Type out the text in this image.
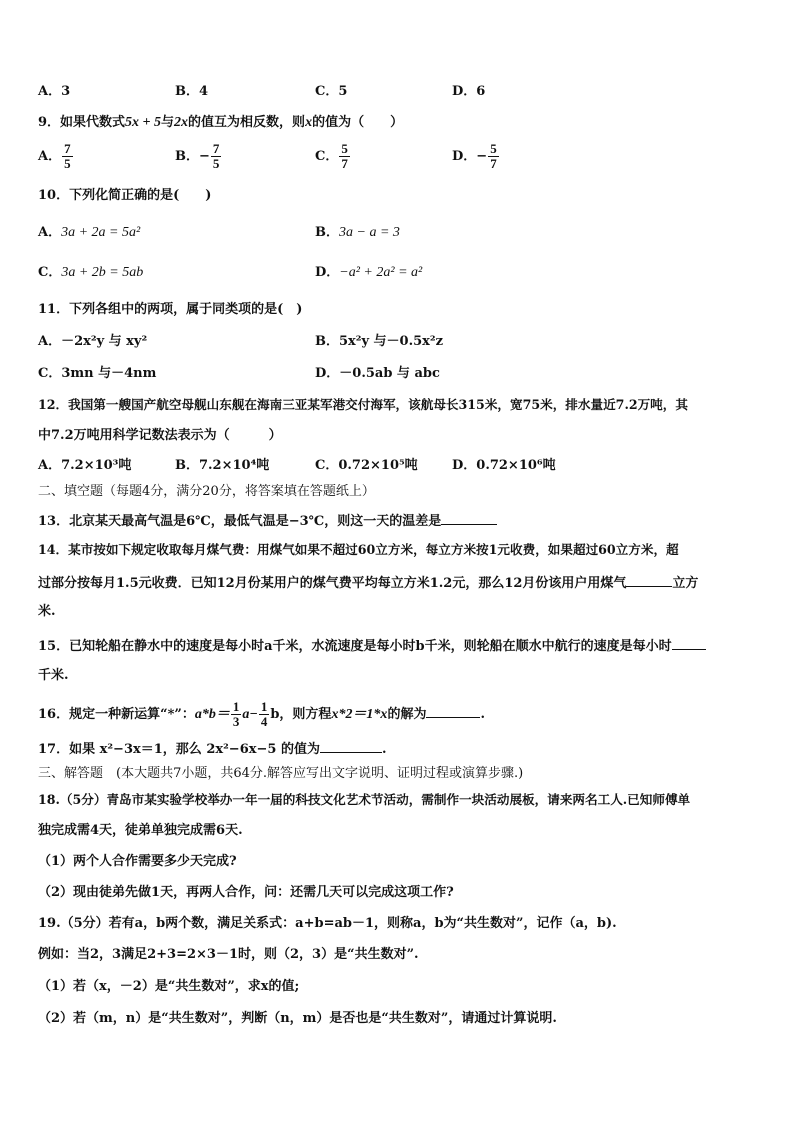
A．3	B．4	C．5	D．6
9．如果代数式5x + 5与2x的值互为相反数，则x的值为（　　）
A． $\frac{7}{5}$	B．− $\frac{7}{5}$	C． $\frac{5}{7}$	D．− $\frac{5}{7}$
10．下列化简正确的是(　　)
A．3a + 2a = 5a²	B．3a − a = 3
C．3a + 2b = 5ab	D．−a² + 2a² = a²
11．下列各组中的两项，属于同类项的是(　)
A．－2x²y 与 xy²	B．5x²y 与－0.5x²z
C．3mn 与－4nm	D．－0.5ab 与 abc
12．我国第一艘国产航空母舰山东舰在海南三亚某军港交付海军，该航母长315米，宽75米，排水量近7.2万吨，其
中7.2万吨用科学记数法表示为（　　　）
A．7.2×10³吨	B．7.2×10⁴吨	C．0.72×10⁵吨	D．0.72×10⁶吨
二、填空题（每题4分，满分20分，将答案填在答题纸上）
13．北京某天最高气温是6℃，最低气温是−3℃，则这一天的温差是
14．某市按如下规定收取每月煤气费：用煤气如果不超过60立方米，每立方米按1元收费，如果超过60立方米，超
过部分按每月1.5元收费．已知12月份某用户的煤气费平均每立方米1.2元，那么12月份该用户用煤气	立方
米.
15．已知轮船在静水中的速度是每小时a千米，水流速度是每小时b千米，则轮船在顺水中航行的速度是每小时
千米.
16．规定一种新运算“*”：$a*b= \frac{1}{3} a- \frac{1}{4}$ b，则方程x*2＝1*x的解为	.
17．如果 x²−3x＝1，那么 2x²−6x−5 的值为	.
三、解答题　(本大题共7小题，共64分.解答应写出文字说明、证明过程或演算步骤.)
18.（5分）青岛市某实验学校举办一年一届的科技文化艺术节活动，需制作一块活动展板，请来两名工人.已知师傅单
独完成需4天，徒弟单独完成需6天.
（1）两个人合作需要多少天完成?
（2）现由徒弟先做1天，再两人合作，问：还需几天可以完成这项工作?
19.（5分）若有a，b两个数，满足关系式：a+b=ab－1，则称a，b为“共生数对”，记作（a，b).
例如：当2，3满足2+3=2×3－1时，则（2，3）是“共生数对”.
（1）若（x，－2）是“共生数对”，求x的值;
（2）若（m，n）是“共生数对”，判断（n，m）是否也是“共生数对”，请通过计算说明.
